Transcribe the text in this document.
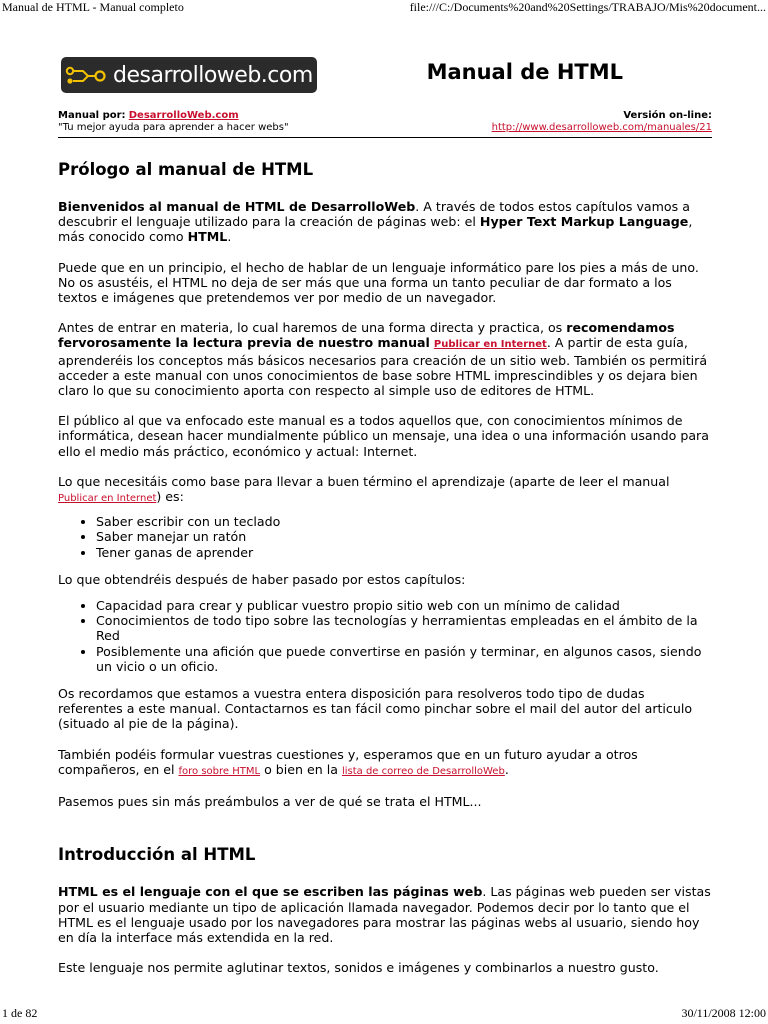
Manual de HTML - Manual completo	file:///C:/Documents%20and%20Settings/TRABAJO/Mis%20document...
desarrolloweb.com	Manual de HTML
Manual por: DesarrolloWeb.com
"Tu mejor ayuda para aprender a hacer webs"
Versión on-line:
http://www.desarrolloweb.com/manuales/21
Prólogo al manual de HTML

Bienvenidos al manual de HTML de DesarrolloWeb. A través de todos estos capítulos vamos a descubrir el lenguaje utilizado para la creación de páginas web: el Hyper Text Markup Language, más conocido como HTML.

Puede que en un principio, el hecho de hablar de un lenguaje informático pare los pies a más de uno. No os asustéis, el HTML no deja de ser más que una forma un tanto peculiar de dar formato a los textos e imágenes que pretendemos ver por medio de un navegador.

Antes de entrar en materia, lo cual haremos de una forma directa y practica, os recomendamos fervorosamente la lectura previa de nuestro manual Publicar en Internet. A partir de esta guía, aprenderéis los conceptos más básicos necesarios para creación de un sitio web. También os permitirá acceder a este manual con unos conocimientos de base sobre HTML imprescindibles y os dejara bien claro lo que su conocimiento aporta con respecto al simple uso de editores de HTML.

El público al que va enfocado este manual es a todos aquellos que, con conocimientos mínimos de informática, desean hacer mundialmente público un mensaje, una idea o una información usando para ello el medio más práctico, económico y actual: Internet.

Lo que necesitáis como base para llevar a buen término el aprendizaje (aparte de leer el manual Publicar en Internet) es:

• Saber escribir con un teclado
• Saber manejar un ratón
• Tener ganas de aprender

Lo que obtendréis después de haber pasado por estos capítulos:

• Capacidad para crear y publicar vuestro propio sitio web con un mínimo de calidad
• Conocimientos de todo tipo sobre las tecnologías y herramientas empleadas en el ámbito de la Red
• Posiblemente una afición que puede convertirse en pasión y terminar, en algunos casos, siendo un vicio o un oficio.

Os recordamos que estamos a vuestra entera disposición para resolveros todo tipo de dudas referentes a este manual. Contactarnos es tan fácil como pinchar sobre el mail del autor del articulo (situado al pie de la página).

También podéis formular vuestras cuestiones y, esperamos que en un futuro ayudar a otros compañeros, en el foro sobre HTML o bien en la lista de correo de DesarrolloWeb.

Pasemos pues sin más preámbulos a ver de qué se trata el HTML...

Introducción al HTML

HTML es el lenguaje con el que se escriben las páginas web. Las páginas web pueden ser vistas por el usuario mediante un tipo de aplicación llamada navegador. Podemos decir por lo tanto que el HTML es el lenguaje usado por los navegadores para mostrar las páginas webs al usuario, siendo hoy en día la interface más extendida en la red.

Este lenguaje nos permite aglutinar textos, sonidos e imágenes y combinarlos a nuestro gusto.

1 de 82	30/11/2008 12:00
